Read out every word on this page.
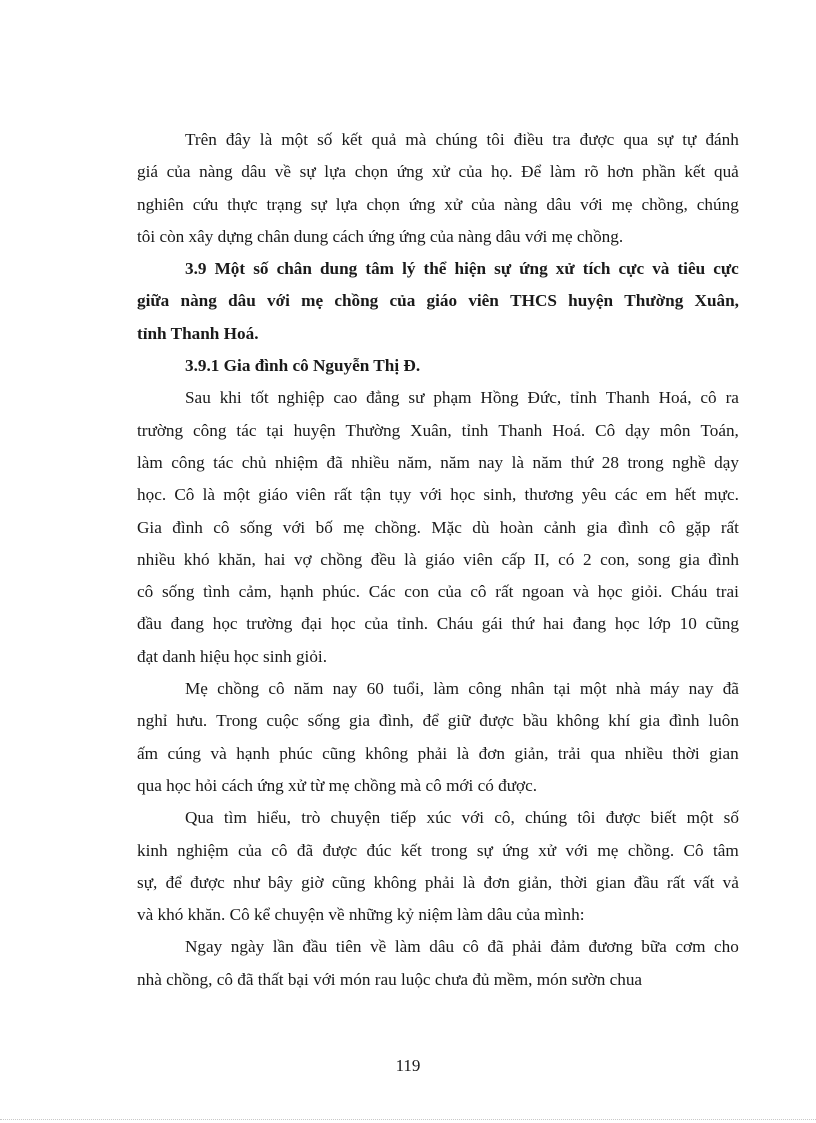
Trên đây là một số kết quả mà chúng tôi điều tra được qua sự tự đánh
giá của nàng dâu về sự lựa chọn ứng xử của họ. Để làm rõ hơn phần kết quả
nghiên cứu thực trạng sự lựa chọn ứng xử của nàng dâu với mẹ chồng, chúng
tôi còn xây dựng chân dung cách ứng ứng của nàng dâu với mẹ chồng.
3.9 Một số chân dung tâm lý thể hiện sự ứng xử tích cực và tiêu cực
giữa nàng dâu với mẹ chồng của giáo viên THCS huyện Thường Xuân,
tỉnh Thanh Hoá.
3.9.1 Gia đình cô Nguyễn Thị Đ.
Sau khi tốt nghiệp cao đẳng sư phạm Hồng Đức, tỉnh Thanh Hoá, cô ra
trường công tác tại huyện Thường Xuân, tỉnh Thanh Hoá. Cô dạy môn Toán,
làm công tác chủ nhiệm đã nhiều năm, năm nay là năm thứ 28 trong nghề dạy
học. Cô là một giáo viên rất tận tụy với học sinh, thương yêu các em hết mực.
Gia đình cô sống với bố mẹ chồng. Mặc dù hoàn cảnh gia đình cô gặp rất
nhiều khó khăn, hai vợ chồng đều là giáo viên cấp II, có 2 con, song gia đình
cô sống tình cảm, hạnh phúc. Các con của cô rất ngoan và học giỏi. Cháu trai
đầu đang học trường đại học của tỉnh. Cháu gái thứ hai đang học lớp 10 cũng
đạt danh hiệu học sinh giỏi.
Mẹ chồng cô năm nay 60 tuổi, làm công nhân tại một nhà máy nay đã
nghỉ hưu. Trong cuộc sống gia đình, để giữ được bầu không khí gia đình luôn
ấm cúng và hạnh phúc cũng không phải là đơn giản, trải qua nhiều thời gian
qua học hỏi cách ứng xử từ mẹ chồng mà cô mới có được.
Qua tìm hiểu, trò chuyện tiếp xúc với cô, chúng tôi được biết một số
kinh nghiệm của cô đã được đúc kết trong sự ứng xử với mẹ chồng. Cô tâm
sự, để được như bây giờ cũng không phải là đơn giản, thời gian đầu rất vất vả
và khó khăn. Cô kể chuyện về những kỷ niệm làm dâu của mình:
Ngay ngày lần đầu tiên về làm dâu cô đã phải đảm đương bữa cơm cho
nhà chồng, cô đã thất bại với món rau luộc chưa đủ mềm, món sườn chua
119
